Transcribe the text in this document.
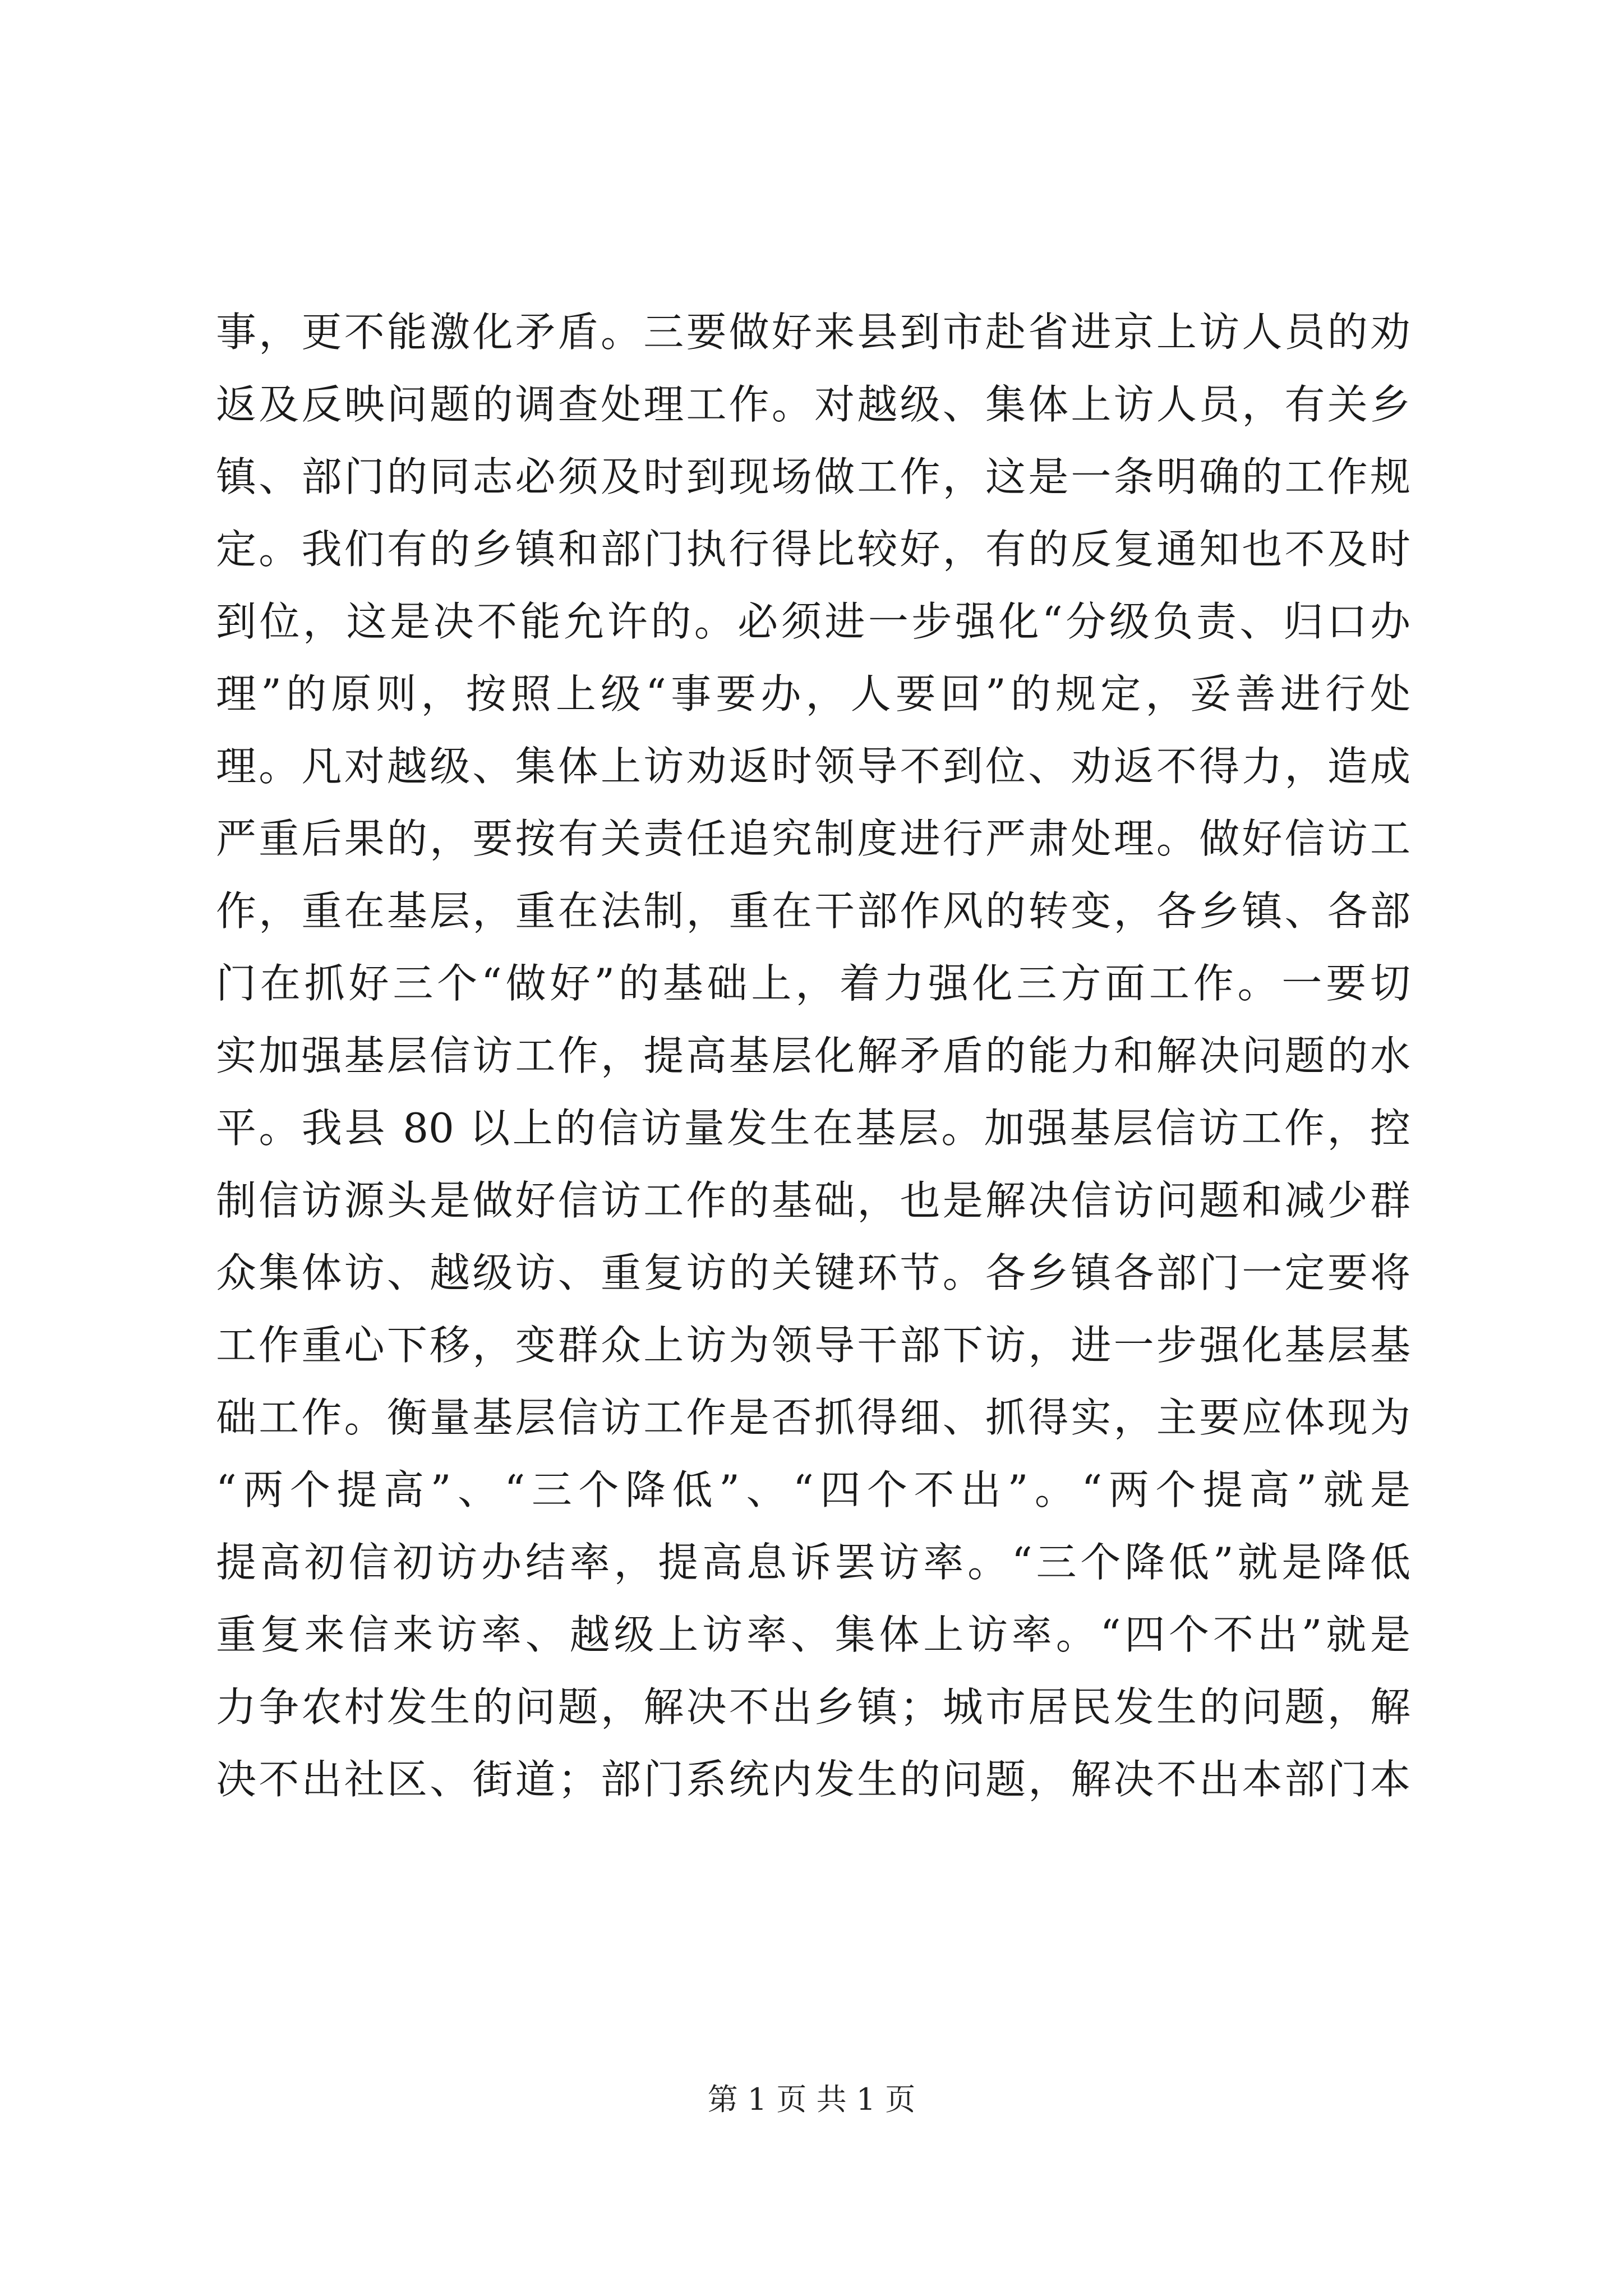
事，更不能激化矛盾。三要做好来县到市赴省进京上访人员的劝
返及反映问题的调查处理工作。对越级、集体上访人员，有关乡
镇、部门的同志必须及时到现场做工作，这是一条明确的工作规
定。我们有的乡镇和部门执行得比较好，有的反复通知也不及时
到位，这是决不能允许的。必须进一步强化“分级负责、归口办
理”的原则，按照上级“事要办，人要回”的规定，妥善进行处
理。凡对越级、集体上访劝返时领导不到位、劝返不得力，造成
严重后果的，要按有关责任追究制度进行严肃处理。做好信访工
作，重在基层，重在法制，重在干部作风的转变，各乡镇、各部
门在抓好三个“做好”的基础上，着力强化三方面工作。一要切
实加强基层信访工作，提高基层化解矛盾的能力和解决问题的水
平。我县 80 以上的信访量发生在基层。加强基层信访工作，控
制信访源头是做好信访工作的基础，也是解决信访问题和减少群
众集体访、越级访、重复访的关键环节。各乡镇各部门一定要将
工作重心下移，变群众上访为领导干部下访，进一步强化基层基
础工作。衡量基层信访工作是否抓得细、抓得实，主要应体现为
“两个提高”、“三个降低”、“四个不出”。“两个提高”就是
提高初信初访办结率，提高息诉罢访率。“三个降低”就是降低
重复来信来访率、越级上访率、集体上访率。“四个不出”就是
力争农村发生的问题，解决不出乡镇；城市居民发生的问题，解
决不出社区、街道；部门系统内发生的问题，解决不出本部门本
第 1 页 共 1 页
